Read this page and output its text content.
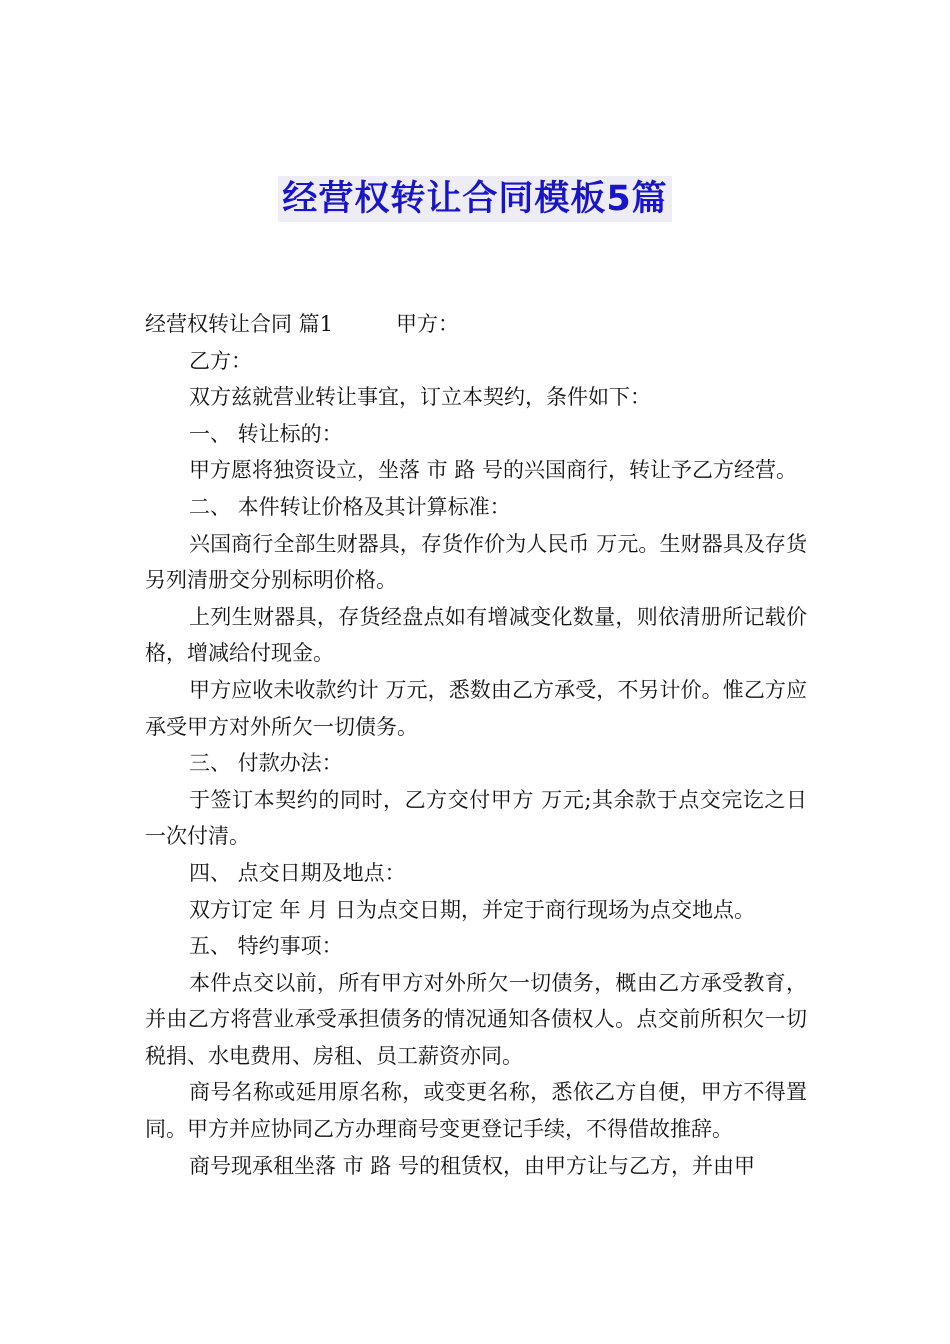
经营权转让合同模板5篇

经营权转让合同 篇1　　　甲方：

乙方：

双方兹就营业转让事宜，订立本契约，条件如下：

一、 转让标的：

甲方愿将独资设立，坐落 市 路 号的兴国商行，转让予乙方经营。

二、 本件转让价格及其计算标准：

兴国商行全部生财器具，存货作价为人民币 万元。生财器具及存货另列清册交分别标明价格。

上列生财器具，存货经盘点如有增减变化数量，则依清册所记载价格，增减给付现金。

甲方应收未收款约计 万元，悉数由乙方承受，不另计价。惟乙方应承受甲方对外所欠一切债务。

三、 付款办法：

于签订本契约的同时，乙方交付甲方 万元;其余款于点交完讫之日一次付清。

四、 点交日期及地点：

双方订定 年 月 日为点交日期，并定于商行现场为点交地点。

五、 特约事项：

本件点交以前，所有甲方对外所欠一切债务，概由乙方承受教育，并由乙方将营业承受承担债务的情况通知各债权人。点交前所积欠一切税捐、水电费用、房租、员工薪资亦同。

商号名称或延用原名称，或变更名称，悉依乙方自便，甲方不得置同。甲方并应协同乙方办理商号变更登记手续，不得借故推辞。

商号现承租坐落 市 路 号的租赁权，由甲方让与乙方，并由甲
